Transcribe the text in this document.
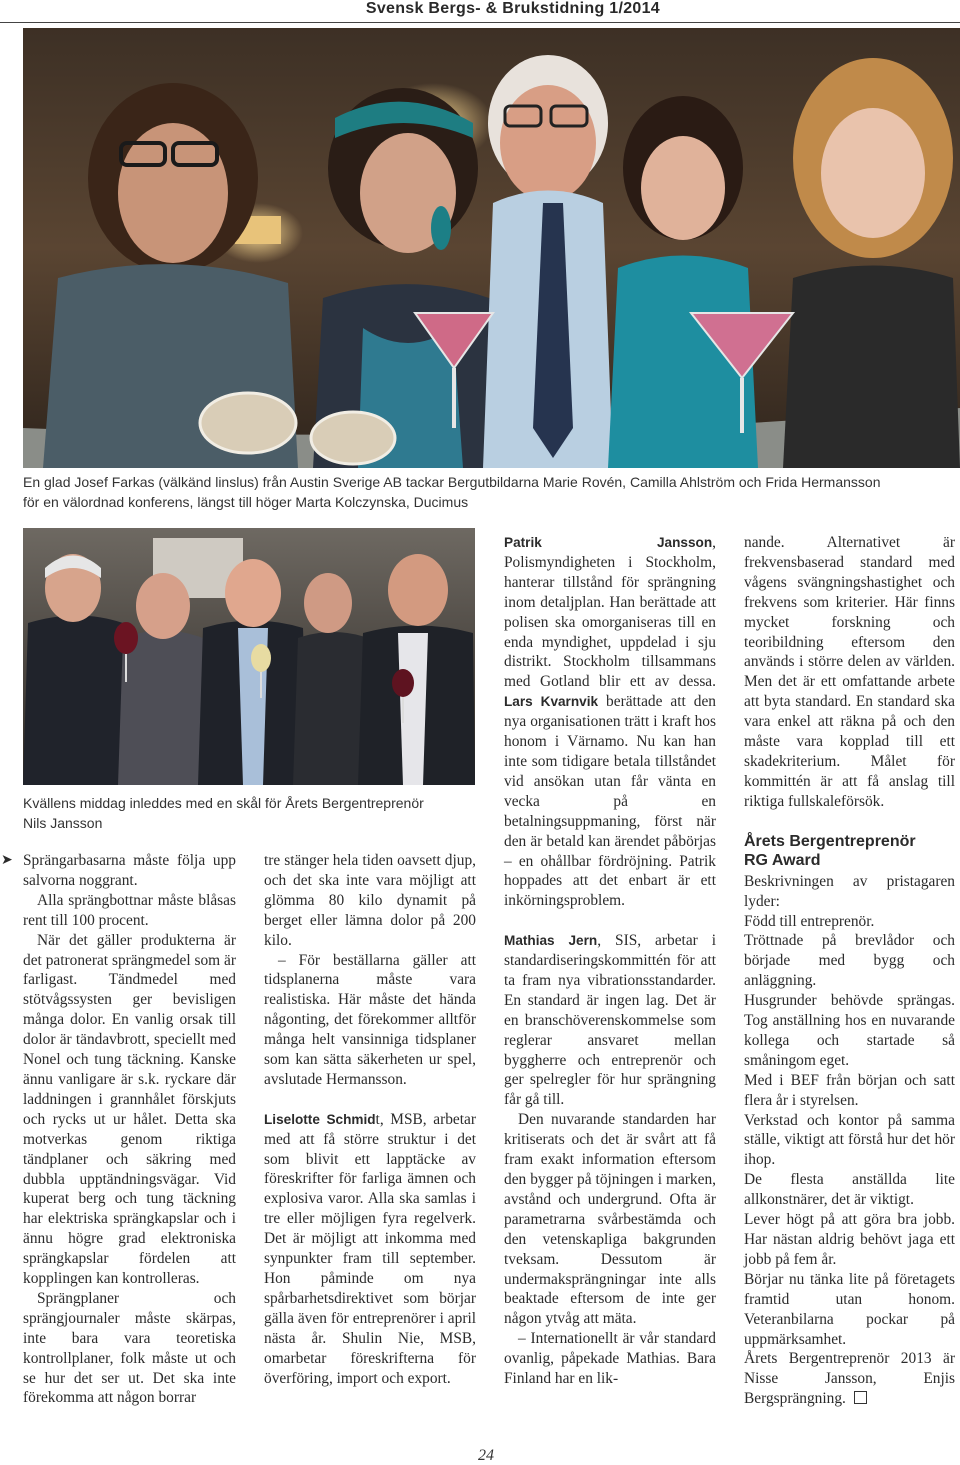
Svensk Bergs- & Brukstidning 1/2014
En glad Josef Farkas (välkänd linslus) från Austin Sverige AB tackar Bergutbildarna Marie Rovén, Camilla Ahlström och Frida Hermansson
för en välordnad konferens, längst till höger Marta Kolczynska, Ducimus
Kvällens middag inleddes med en skål för Årets Bergentreprenör
Nils Jansson
➤ Sprängarbasarna måste följa upp salvorna noggrant.

Alla sprängbottnar måste blåsas rent till 100 procent.

När det gäller produkterna är det patronerat sprängmedel som är farligast. Tändmedel med stötvågssysten ger bevisligen många dolor. En vanlig orsak till dolor är tändavbrott, speciellt med Nonel och tung täckning. Kanske ännu vanligare är s.k. ryckare där laddningen i grannhålet förskjuts och rycks ut ur hålet. Detta ska motverkas genom riktiga tändplaner och säkring med dubbla upptändningsvägar. Vid kuperat berg och tung täckning har elektriska sprängkapslar och i ännu högre grad elektroniska sprängkapslar fördelen att kopplingen kan kontrolleras.

Sprängplaner och sprängjournaler måste skärpas, inte bara vara teoretiska kontrollplaner, folk måste ut och se hur det ser ut. Det ska inte förekomma att någon borrar

tre stänger hela tiden oavsett djup, och det ska inte vara möjligt att glömma 80 kilo dynamit på berget eller lämna dolor på 200 kilo.

– För beställarna gäller att tidsplanerna måste vara realistiska. Här måste det hända någonting, det förekommer alltför många helt vansinniga tidsplaner som kan sätta säkerheten ur spel, avslutade Hermansson.

Liselotte Schmidt, MSB, arbetar med att få större struktur i det som blivit ett lapptäcke av föreskrifter för farliga ämnen och explosiva varor. Alla ska samlas i tre eller möjligen fyra regelverk. Det är möjligt att inkomma med synpunkter fram till september. Hon påminde om nya spårbarhetsdirektivet som börjar gälla även för entreprenörer i april nästa år. Shulin Nie, MSB, omarbetar föreskrifterna för överföring, import och export.

Patrik Jansson, Polismyndigheten i Stockholm, hanterar tillstånd för sprängning inom detaljplan. Han berättade att polisen ska omorganiseras till en enda myndighet, uppdelad i sju distrikt. Stockholm tillsammans med Gotland blir ett av dessa. Lars Kvarnvik berättade att den nya organisationen trätt i kraft hos honom i Värnamo. Nu kan han inte som tidigare betala tillståndet vid ansökan utan får vänta en vecka på en betalningsuppmaning, först när den är betald kan ärendet påbörjas – en ohållbar fördröjning. Patrik hoppades att det enbart är ett inkörningsproblem.

Mathias Jern, SIS, arbetar i standardiseringskommittén för att ta fram nya vibrationsstandarder. En standard är ingen lag. Det är en branschöverenskommelse som reglerar ansvaret mellan byggherre och entreprenör och ger spelregler för hur sprängning får gå till.

Den nuvarande standarden har kritiserats och det är svårt att få fram exakt information eftersom den bygger på töjningen i marken, avstånd och undergrund. Ofta är parametrarna svårbestämda och den vetenskapliga bakgrunden tveksam. Dessutom är undermaksprängningar inte alls beaktade eftersom de inte ger någon ytvåg att mäta.

– Internationellt är vår standard ovanlig, påpekade Mathias. Bara Finland har en lik-

nande. Alternativet är frekvensbaserad standard med vågens svängningshastighet och frekvens som kriterier. Här finns mycket forskning och teoribildning eftersom den används i större delen av världen. Men det är ett omfattande arbete att byta standard. En standard ska vara enkel att räkna på och den måste vara kopplad till ett skadekriterium. Målet för kommittén är att få anslag till riktiga fullskaleförsök.

Årets Bergentreprenör
RG Award

Beskrivningen av pristagaren lyder:

Född till entreprenör.

Tröttnade på brevlådor och började med bygg och anläggning.

Husgrunder behövde sprängas. Tog anställning hos en nuvarande kollega och startade så småningom eget.

Med i BEF från början och satt flera år i styrelsen.

Verkstad och kontor på samma ställe, viktigt att förstå hur det hör ihop.

De flesta anställda lite allkonstnärer, det är viktigt.

Lever högt på att göra bra jobb. Har nästan aldrig behövt jaga ett jobb på fem år.

Börjar nu tänka lite på företagets framtid utan honom. Veteranbilarna pockar på uppmärksamhet.

Årets Bergentreprenör 2013 är Nisse Jansson, Enjis Bergsprängning.

24
